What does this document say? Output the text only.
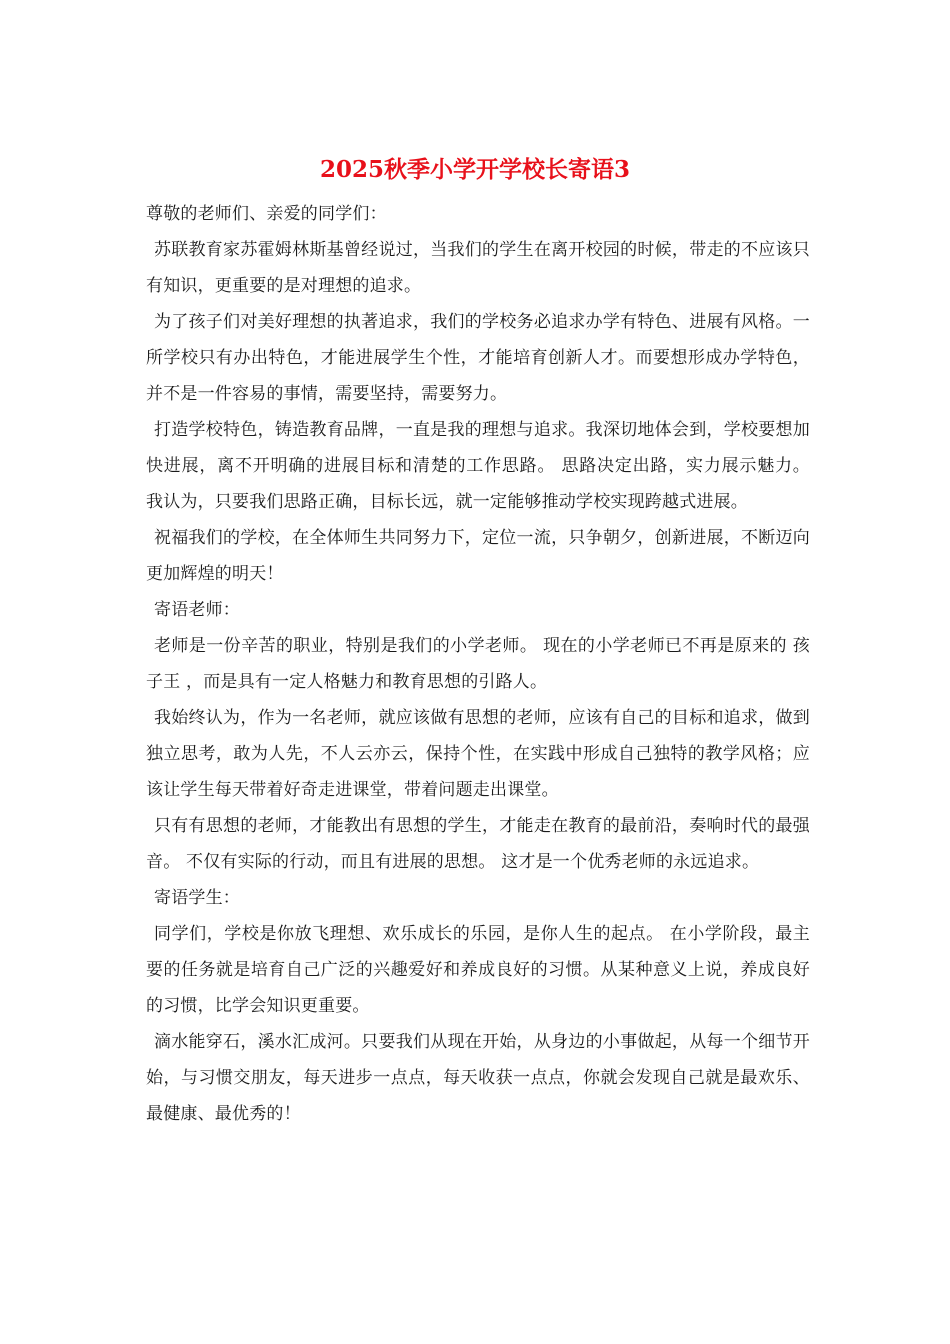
2025秋季小学开学校长寄语3

尊敬的老师们、亲爱的同学们：

苏联教育家苏霍姆林斯基曾经说过，当我们的学生在离开校园的时候，带走的不应该只有知识，更重要的是对理想的追求。

为了孩子们对美好理想的执著追求，我们的学校务必追求办学有特色、进展有风格。一所学校只有办出特色，才能进展学生个性，才能培育创新人才。而要想形成办学特色，并不是一件容易的事情，需要坚持，需要努力。

打造学校特色，铸造教育品牌，一直是我的理想与追求。我深切地体会到，学校要想加快进展，离不开明确的进展目标和清楚的工作思路。 思路决定出路，实力展示魅力。 我认为，只要我们思路正确，目标长远，就一定能够推动学校实现跨越式进展。

祝福我们的学校，在全体师生共同努力下，定位一流，只争朝夕，创新进展，不断迈向更加辉煌的明天！

寄语老师：

老师是一份辛苦的职业，特别是我们的小学老师。 现在的小学老师已不再是原来的 孩子王 ，而是具有一定人格魅力和教育思想的引路人。

我始终认为，作为一名老师，就应该做有思想的老师，应该有自己的目标和追求，做到独立思考，敢为人先，不人云亦云，保持个性，在实践中形成自己独特的教学风格；应该让学生每天带着好奇走进课堂，带着问题走出课堂。

只有有思想的老师，才能教出有思想的学生，才能走在教育的最前沿，奏响时代的最强音。 不仅有实际的行动，而且有进展的思想。 这才是一个优秀老师的永远追求。

寄语学生：

同学们，学校是你放飞理想、欢乐成长的乐园，是你人生的起点。 在小学阶段，最主要的任务就是培育自己广泛的兴趣爱好和养成良好的习惯。从某种意义上说，养成良好的习惯，比学会知识更重要。

滴水能穿石，溪水汇成河。只要我们从现在开始，从身边的小事做起，从每一个细节开始，与习惯交朋友，每天进步一点点，每天收获一点点，你就会发现自己就是最欢乐、最健康、最优秀的！
